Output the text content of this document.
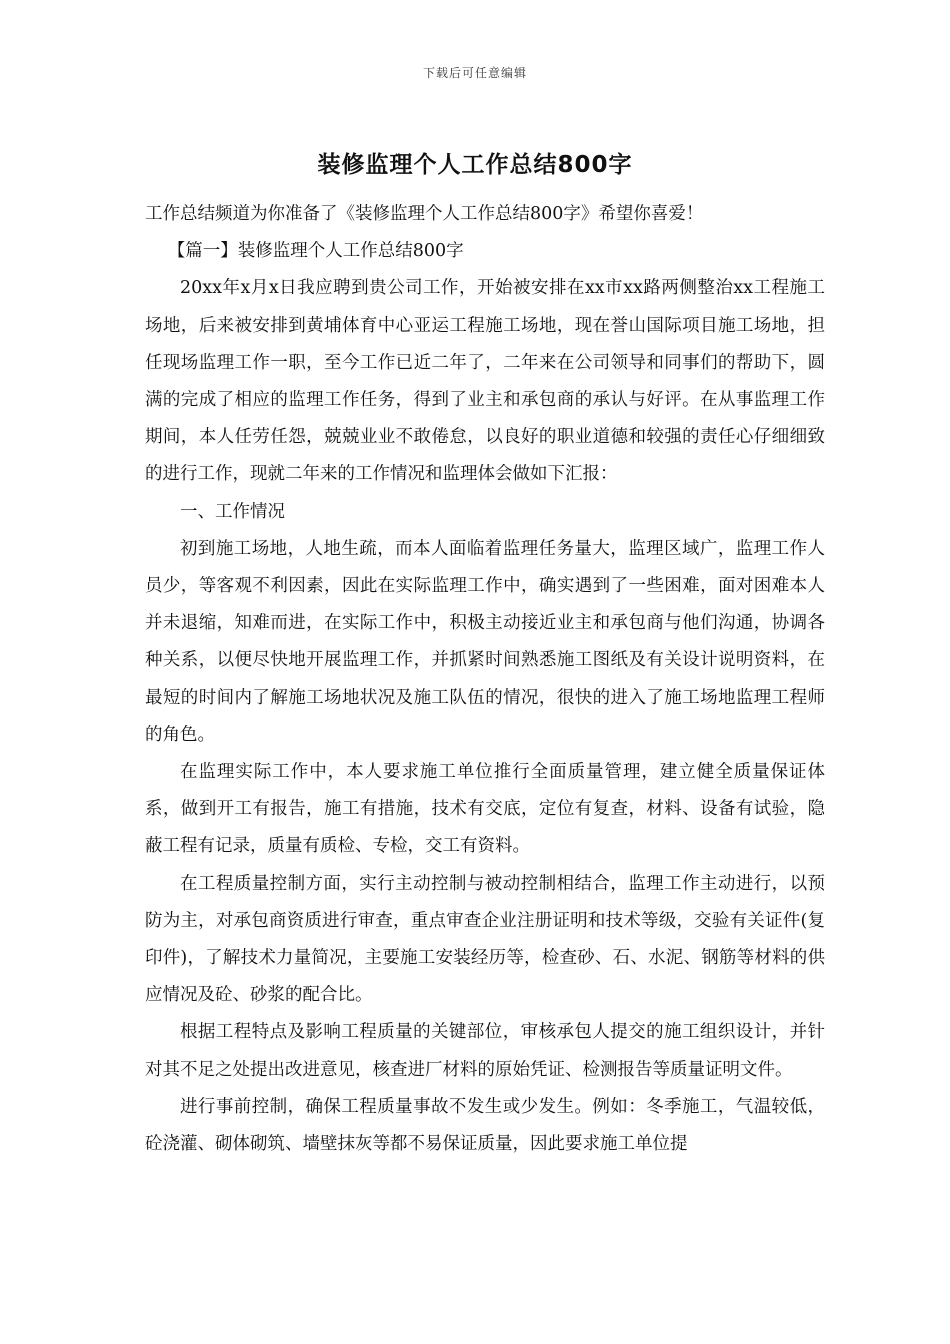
下载后可任意编辑
装修监理个人工作总结800字

工作总结频道为你准备了《装修监理个人工作总结800字》希望你喜爱！

【篇一】装修监理个人工作总结800字

20xx年x月x日我应聘到贵公司工作，开始被安排在xx市xx路两侧整治xx工程施工场地，后来被安排到黄埔体育中心亚运工程施工场地，现在誉山国际项目施工场地，担任现场监理工作一职，至今工作已近二年了，二年来在公司领导和同事们的帮助下，圆满的完成了相应的监理工作任务，得到了业主和承包商的承认与好评。在从事监理工作期间，本人任劳任怨，兢兢业业不敢倦怠，以良好的职业道德和较强的责任心仔细细致的进行工作，现就二年来的工作情况和监理体会做如下汇报：

一、工作情况

初到施工场地，人地生疏，而本人面临着监理任务量大，监理区域广，监理工作人员少，等客观不利因素，因此在实际监理工作中，确实遇到了一些困难，面对困难本人并未退缩，知难而进，在实际工作中，积极主动接近业主和承包商与他们沟通，协调各种关系，以便尽快地开展监理工作，并抓紧时间熟悉施工图纸及有关设计说明资料，在最短的时间内了解施工场地状况及施工队伍的情况，很快的进入了施工场地监理工程师的角色。

在监理实际工作中，本人要求施工单位推行全面质量管理，建立健全质量保证体系，做到开工有报告，施工有措施，技术有交底，定位有复查，材料、设备有试验，隐蔽工程有记录，质量有质检、专检，交工有资料。

在工程质量控制方面，实行主动控制与被动控制相结合，监理工作主动进行，以预防为主，对承包商资质进行审查，重点审查企业注册证明和技术等级，交验有关证件(复印件)，了解技术力量简况，主要施工安装经历等，检查砂、石、水泥、钢筋等材料的供应情况及砼、砂浆的配合比。

根据工程特点及影响工程质量的关键部位，审核承包人提交的施工组织设计，并针对其不足之处提出改进意见，核查进厂材料的原始凭证、检测报告等质量证明文件。

进行事前控制，确保工程质量事故不发生或少发生。例如：冬季施工，气温较低，砼浇灌、砌体砌筑、墙壁抹灰等都不易保证质量，因此要求施工单位提
